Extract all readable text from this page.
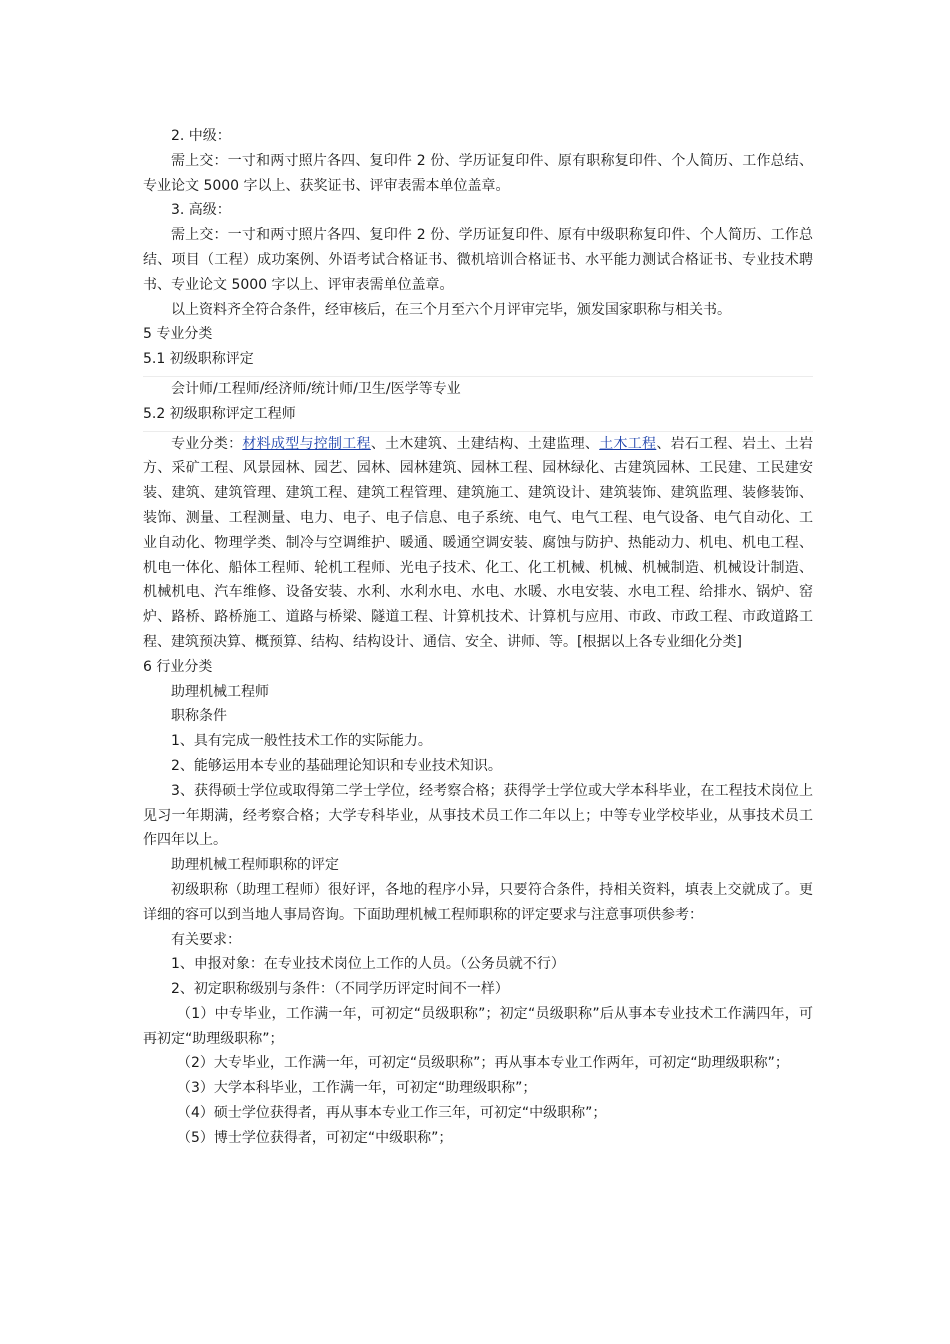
2. 中级：

需上交：一寸和两寸照片各四、复印件 2 份、学历证复印件、原有职称复印件、个人简历、工作总结、专业论文 5000 字以上、获奖证书、评审表需本单位盖章。

3. 高级：

需上交：一寸和两寸照片各四、复印件 2 份、学历证复印件、原有中级职称复印件、个人简历、工作总结、项目（工程）成功案例、外语考试合格证书、微机培训合格证书、水平能力测试合格证书、专业技术聘书、专业论文 5000 字以上、评审表需单位盖章。

以上资料齐全符合条件，经审核后，在三个月至六个月评审完毕，颁发国家职称与相关书。

5 专业分类

5.1 初级职称评定

会计师/工程师/经济师/统计师/卫生/医学等专业

5.2 初级职称评定工程师

专业分类：材料成型与控制工程、土木建筑、土建结构、土建监理、土木工程、岩石工程、岩土、土岩方、采矿工程、风景园林、园艺、园林、园林建筑、园林工程、园林绿化、古建筑园林、工民建、工民建安装、建筑、建筑管理、建筑工程、建筑工程管理、建筑施工、建筑设计、建筑装饰、建筑监理、装修装饰、装饰、测量、工程测量、电力、电子、电子信息、电子系统、电气、电气工程、电气设备、电气自动化、工业自动化、物理学类、制冷与空调维护、暖通、暖通空调安装、腐蚀与防护、热能动力、机电、机电工程、机电一体化、船体工程师、轮机工程师、光电子技术、化工、化工机械、机械、机械制造、机械设计制造、机械机电、汽车维修、设备安装、水利、水利水电、水电、水暖、水电安装、水电工程、给排水、锅炉、窑炉、路桥、路桥施工、道路与桥梁、隧道工程、计算机技术、计算机与应用、市政、市政工程、市政道路工程、建筑预决算、概预算、结构、结构设计、通信、安全、讲师、等。[根据以上各专业细化分类]

6 行业分类

助理机械工程师

职称条件

1、具有完成一般性技术工作的实际能力。

2、能够运用本专业的基础理论知识和专业技术知识。

3、获得硕士学位或取得第二学士学位，经考察合格；获得学士学位或大学本科毕业，在工程技术岗位上见习一年期满，经考察合格；大学专科毕业，从事技术员工作二年以上；中等专业学校毕业，从事技术员工作四年以上。

助理机械工程师职称的评定

初级职称（助理工程师）很好评，各地的程序小异，只要符合条件，持相关资料，填表上交就成了。更详细的容可以到当地人事局咨询。下面助理机械工程师职称的评定要求与注意事项供参考：

有关要求：

1、申报对象：在专业技术岗位上工作的人员。（公务员就不行）

2、初定职称级别与条件：（不同学历评定时间不一样）

（1）中专毕业，工作满一年，可初定“员级职称”；初定“员级职称”后从事本专业技术工作满四年，可再初定“助理级职称”；

（2）大专毕业，工作满一年，可初定“员级职称”；再从事本专业工作两年，可初定“助理级职称”；

（3）大学本科毕业，工作满一年，可初定“助理级职称”；

（4）硕士学位获得者，再从事本专业工作三年，可初定“中级职称”；

（5）博士学位获得者，可初定“中级职称”；
